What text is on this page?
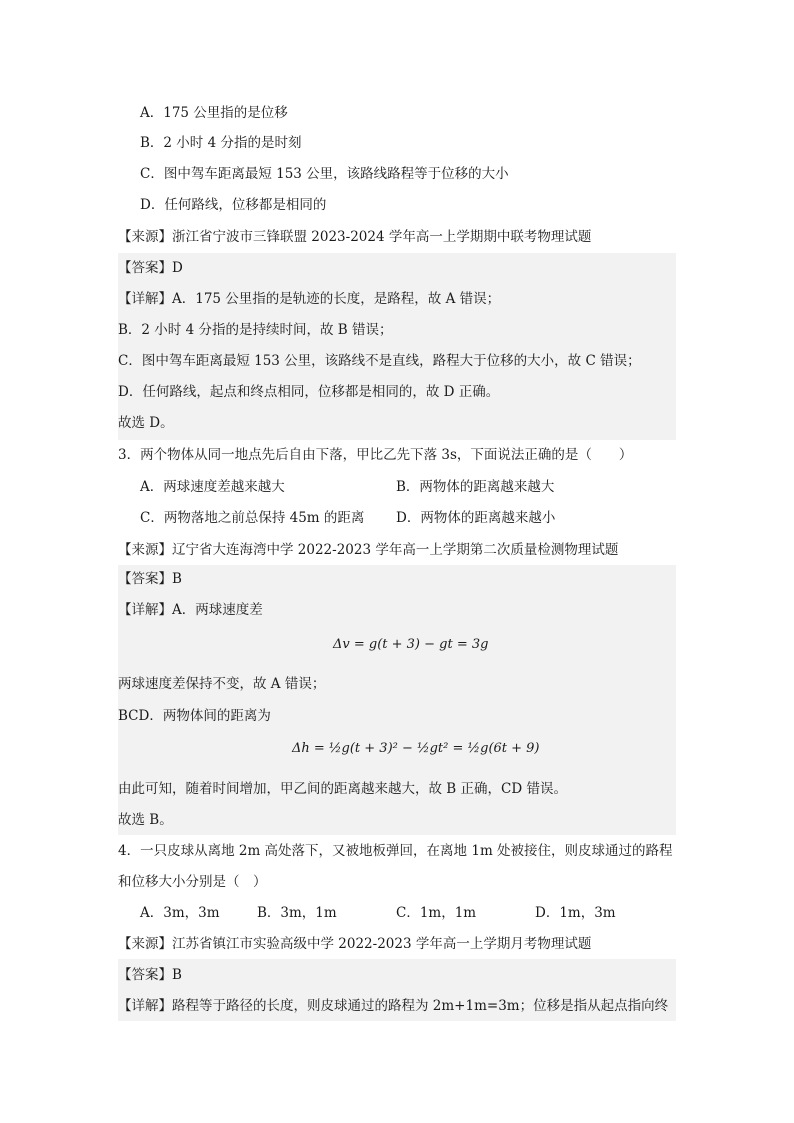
A．175 公里指的是位移
B．2 小时 4 分指的是时刻
C．图中驾车距离最短 153 公里，该路线路程等于位移的大小
D．任何路线，位移都是相同的
【来源】浙江省宁波市三锋联盟 2023-2024 学年高一上学期期中联考物理试题
【答案】D
【详解】A．175 公里指的是轨迹的长度，是路程，故 A 错误；
B．2 小时 4 分指的是持续时间，故 B 错误；
C．图中驾车距离最短 153 公里，该路线不是直线，路程大于位移的大小，故 C 错误；
D．任何路线，起点和终点相同，位移都是相同的，故 D 正确。
故选 D。
3．两个物体从同一地点先后自由下落，甲比乙先下落 3s，下面说法正确的是（　　）
A．两球速度差越来越大	B．两物体的距离越来越大
C．两物落地之前总保持 45m 的距离 D．两物体的距离越来越小
【来源】辽宁省大连海湾中学 2022-2023 学年高一上学期第二次质量检测物理试题
【答案】B
【详解】A．两球速度差
Δv = g(t + 3) − gt = 3g
两球速度差保持不变，故 A 错误；
BCD．两物体间的距离为
Δh = ½g(t + 3)² − ½gt² = ½g(6t + 9)
由此可知，随着时间增加，甲乙间的距离越来越大，故 B 正确，CD 错误。
故选 B。
4．一只皮球从离地 2m 高处落下，又被地板弹回，在离地 1m 处被接住，则皮球通过的路程
和位移大小分别是（　）
A．3m，3m	B．3m，1m	C．1m，1m	D．1m，3m
【来源】江苏省镇江市实验高级中学 2022-2023 学年高一上学期月考物理试题
【答案】B
【详解】路程等于路径的长度，则皮球通过的路程为 2m+1m=3m；位移是指从起点指向终
